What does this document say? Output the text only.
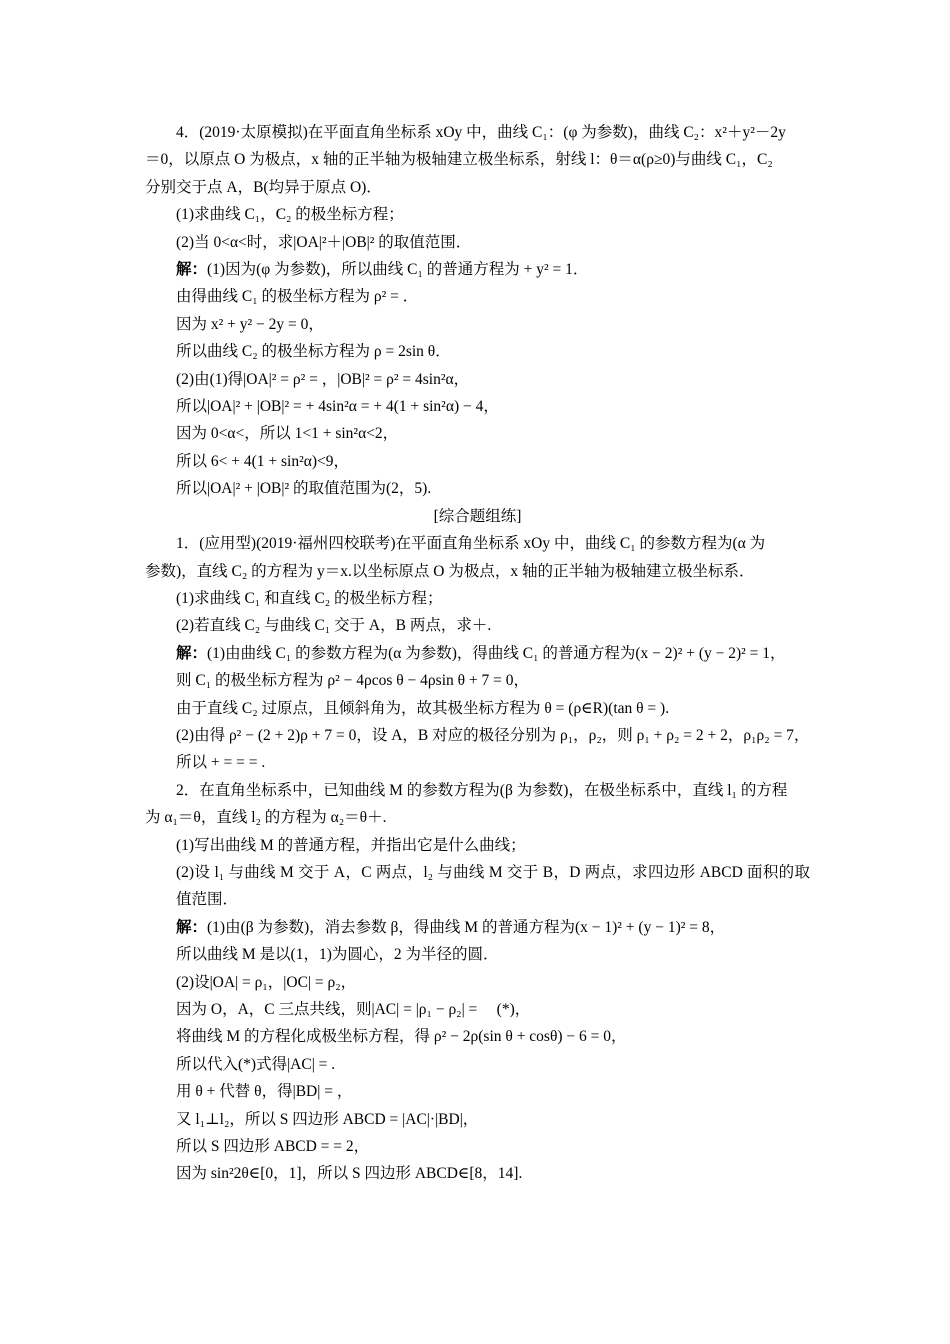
4．(2019·太原模拟)在平面直角坐标系 xOy 中，曲线 C₁：(φ 为参数)，曲线 C₂：x²＋y²－2y
＝0，以原点 O 为极点，x 轴的正半轴为极轴建立极坐标系，射线 l：θ＝α(ρ≥0)与曲线 C₁，C₂
分别交于点 A，B(均异于原点 O)．
(1)求曲线 C₁，C₂ 的极坐标方程；
(2)当 0<α<时，求|OA|²＋|OB|² 的取值范围．
解：(1)因为(φ 为参数)，所以曲线 C₁ 的普通方程为 + y² = 1．
由得曲线 C₁ 的极坐标方程为 ρ² = ．
因为 x² + y² − 2y = 0，
所以曲线 C₂ 的极坐标方程为 ρ = 2sin θ．
(2)由(1)得|OA|² = ρ² = ，|OB|² = ρ² = 4sin²α，
所以|OA|² + |OB|² = + 4sin²α = + 4(1 + sin²α) − 4，
因为 0<α<，所以 1<1 + sin²α<2，
所以 6< + 4(1 + sin²α)<9，
所以|OA|² + |OB|² 的取值范围为(2，5).
[综合题组练]
1．(应用型)(2019·福州四校联考)在平面直角坐标系 xOy 中，曲线 C₁ 的参数方程为(α 为
参数)，直线 C₂ 的方程为 y＝x.以坐标原点 O 为极点，x 轴的正半轴为极轴建立极坐标系．
(1)求曲线 C₁ 和直线 C₂ 的极坐标方程；
(2)若直线 C₂ 与曲线 C₁ 交于 A，B 两点，求＋.
解：(1)由曲线 C₁ 的参数方程为(α 为参数)，得曲线 C₁ 的普通方程为(x − 2)² + (y − 2)² = 1，
则 C₁ 的极坐标方程为 ρ² − 4ρcos θ − 4ρsin θ + 7 = 0，
由于直线 C₂ 过原点，且倾斜角为，故其极坐标方程为 θ = (ρ∈R)(tan θ = ).
(2)由得 ρ² − (2 + 2)ρ + 7 = 0，设 A，B 对应的极径分别为 ρ₁，ρ₂，则 ρ₁ + ρ₂ = 2 + 2，ρ₁ρ₂ = 7，
所以 + = = = .
2．在直角坐标系中，已知曲线 M 的参数方程为(β 为参数)，在极坐标系中，直线 l₁ 的方程
为 α₁＝θ，直线 l₂ 的方程为 α₂＝θ＋.
(1)写出曲线 M 的普通方程，并指出它是什么曲线；
(2)设 l₁ 与曲线 M 交于 A，C 两点，l₂ 与曲线 M 交于 B，D 两点，求四边形 ABCD 面积的取值范围．
解：(1)由(β 为参数)，消去参数 β，得曲线 M 的普通方程为(x − 1)² + (y − 1)² = 8，
所以曲线 M 是以(1，1)为圆心，2 为半径的圆．
(2)设|OA| = ρ₁，|OC| = ρ₂，
因为 O，A，C 三点共线，则|AC| = |ρ₁ − ρ₂| = 　(*)，
将曲线 M 的方程化成极坐标方程，得 ρ² − 2ρ(sin θ + cosθ) − 6 = 0，
所以代入(*)式得|AC| = .
用 θ + 代替 θ，得|BD| = ，
又 l₁⊥l₂，所以 S 四边形 ABCD = |AC|·|BD|，
所以 S 四边形 ABCD = = 2，
因为 sin²2θ∈[0，1]，所以 S 四边形 ABCD∈[8，14].
